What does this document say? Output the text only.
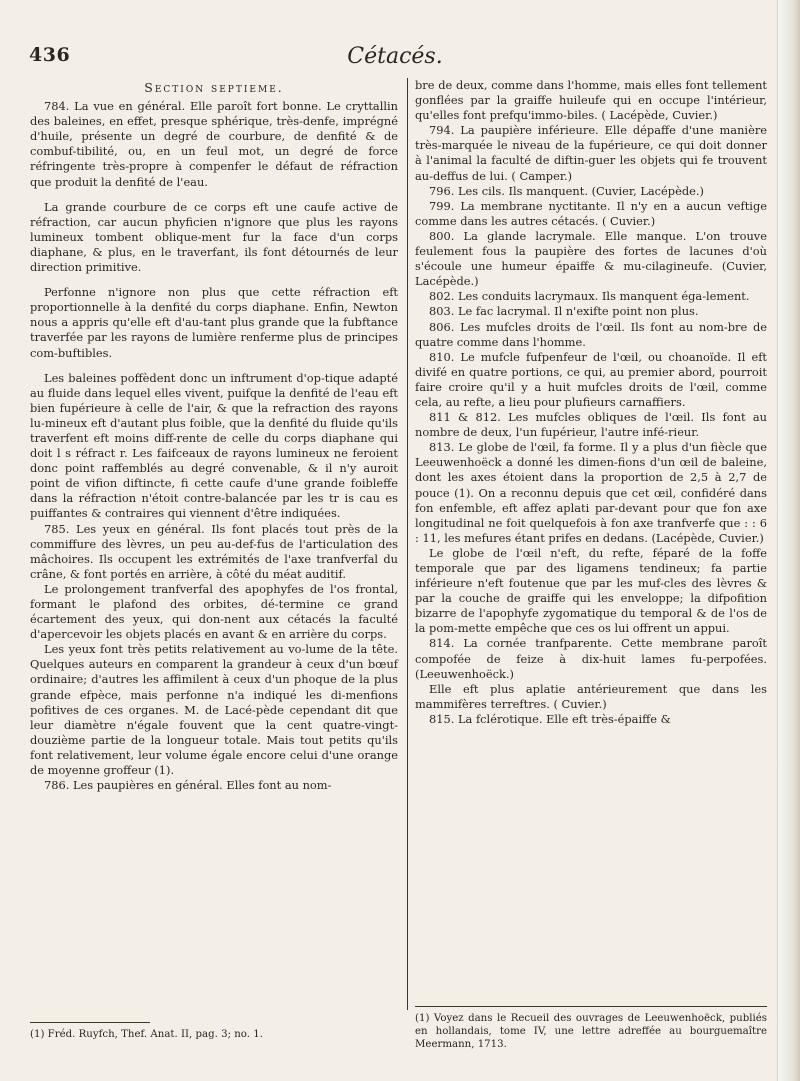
436	Cétacés.
Section septieme.

784. La vue en général. Elle paroît fort bonne. Le cryttallin des baleines, en effet, presque sphérique, très-denfe, imprégné d'huile, présente un degré de courbure, de denfité & de combuf-tibilité, ou, en un feul mot, un degré de force réfringente très-propre à compenfer le défaut de réfraction que produit la denfité de l'eau.

La grande courbure de ce corps eft une caufe active de réfraction, car aucun phyficien n'ignore que plus les rayons lumineux tombent oblique-ment fur la face d'un corps diaphane, & plus, en le traverfant, ils font détournés de leur direction primitive.

Perfonne n'ignore non plus que cette réfraction eft proportionnelle à la denfité du corps diaphane. Enfin, Newton nous a appris qu'elle eft d'au-tant plus grande que la fubftance traverfée par les rayons de lumière renferme plus de principes com-buftibles.

Les baleines poffèdent donc un inftrument d'op-tique adapté au fluide dans lequel elles vivent, puifque la denfité de l'eau eft bien fupérieure à celle de l'air, & que la refraction des rayons lu-mineux eft d'autant plus foible, que la denfité du fluide qu'ils traverfent eft moins diff-rente de celle du corps diaphane qui doit l s réfract r. Les faifceaux de rayons lumineux ne feroient donc point raffemblés au degré convenable, & il n'y auroit point de vifion diftincte, fi cette caufe d'une grande foibleffe dans la réfraction n'étoit contre-balancée par les tr is cau es puiffantes & contraires qui viennent d'être indiquées.

785. Les yeux en général. Ils font placés tout près de la commiffure des lèvres, un peu au-def-fus de l'articulation des mâchoires. Ils occupent les extrémités de l'axe tranfverfal du crâne, & font portés en arrière, à côté du méat auditif.

Le prolongement tranfverfal des apophyfes de l'os frontal, formant le plafond des orbites, dé-termine ce grand écartement des yeux, qui don-nent aux cétacés la faculté d'apercevoir les objets placés en avant & en arrière du corps.

Les yeux font très petits relativement au vo-lume de la tête. Quelques auteurs en comparent la grandeur à ceux d'un bœuf ordinaire; d'autres les affimilent à ceux d'un phoque de la plus grande efpèce, mais perfonne n'a indiqué les di-menfions pofitives de ces organes. M. de Lacé-pède cependant dit que leur diamètre n'égale fouvent que la cent quatre-vingt-douzième partie de la longueur totale. Mais tout petits qu'ils font relativement, leur volume égale encore celui d'une orange de moyenne groffeur (1).

786. Les paupières en général. Elles font au nom-

bre de deux, comme dans l'homme, mais elles font tellement gonflées par la graiffe huileufe qui en occupe l'intérieur, qu'elles font prefqu'immo-biles. ( Lacépède, Cuvier.)

794. La paupière inférieure. Elle dépaffe d'une manière très-marquée le niveau de la fupérieure, ce qui doit donner à l'animal la faculté de diftin-guer les objets qui fe trouvent au-deffus de lui. ( Camper.)

796. Les cils. Ils manquent. (Cuvier, Lacépède.)

799. La membrane nyctitante. Il n'y en a aucun veftige comme dans les autres cétacés. ( Cuvier.)

800. La glande lacrymale. Elle manque. L'on trouve feulement fous la paupière des fortes de lacunes d'où s'écoule une humeur épaiffe & mu-cilagineufe. (Cuvier, Lacépède.)

802. Les conduits lacrymaux. Ils manquent éga-lement.

803. Le fac lacrymal. Il n'exifte point non plus.

806. Les mufcles droits de l'œil. Ils font au nom-bre de quatre comme dans l'homme.

810. Le mufcle fufpenfeur de l'œil, ou choanoïde. Il eft divifé en quatre portions, ce qui, au premier abord, pourroit faire croire qu'il y a huit mufcles droits de l'œil, comme cela, au refte, a lieu pour plufieurs carnaffiers.

811 & 812. Les mufcles obliques de l'œil. Ils font au nombre de deux, l'un fupérieur, l'autre infé-rieur.

813. Le globe de l'œil, fa forme. Il y a plus d'un fiècle que Leeuwenhoëck a donné les dimen-fions d'un œil de baleine, dont les axes étoient dans la proportion de 2,5 à 2,7 de pouce (1). On a reconnu depuis que cet œil, confidéré dans fon enfemble, eft affez aplati par-devant pour que fon axe longitudinal ne foit quelquefois à fon axe tranfverfe que : : 6 : 11, les mefures étant prifes en dedans. (Lacépède, Cuvier.)

Le globe de l'œil n'eft, du refte, féparé de la foffe temporale que par des ligamens tendineux; fa partie inférieure n'eft foutenue que par les muf-cles des lèvres & par la couche de graiffe qui les enveloppe; la difpofition bizarre de l'apophyfe zygomatique du temporal & de l'os de la pom-mette empêche que ces os lui offrent un appui.

814. La cornée tranfparente. Cette membrane paroît compofée de feize à dix-huit lames fu-perpofées. (Leeuwenhoëck.)

Elle eft plus aplatie antérieurement que dans les mammifères terreftres. ( Cuvier.)

815. La fclérotique. Elle eft très-épaiffe &

(1) Fréd. Ruyfch, Thef. Anat. II, pag. 3; no. 1.
(1) Voyez dans le Recueil des ouvrages de Leeuwenhoëck, publiés en hollandais, tome IV, une lettre adreffée au bourguemaître Meermann, 1713.
